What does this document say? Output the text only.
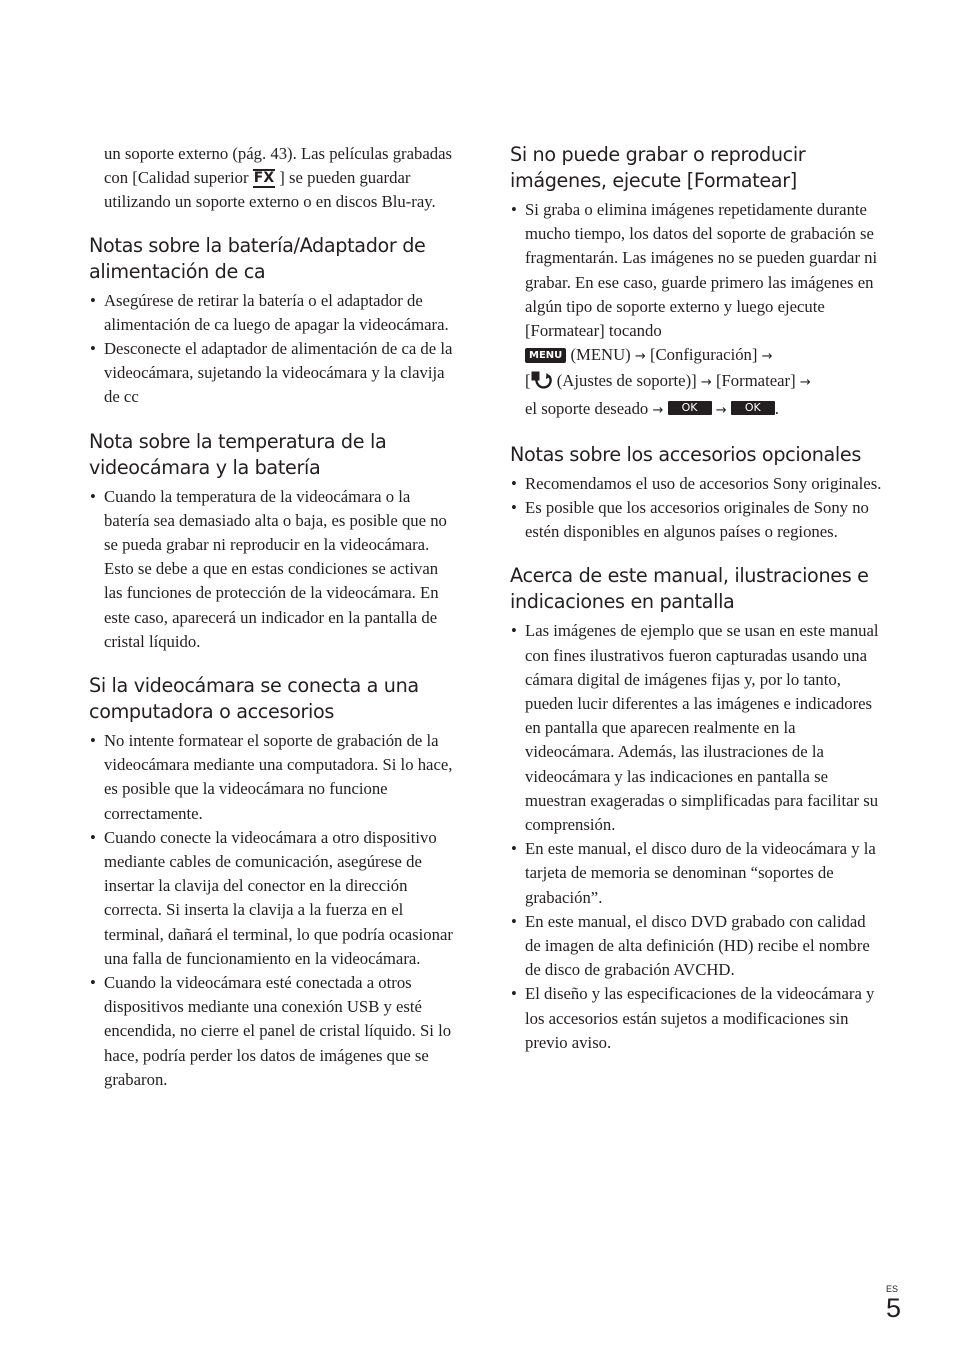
un soporte externo (pág. 43). Las películas grabadas con [Calidad superior FX ] se pueden guardar utilizando un soporte externo o en discos Blu-ray.

Notas sobre la batería/Adaptador de alimentación de ca
• Asegúrese de retirar la batería o el adaptador de alimentación de ca luego de apagar la videocámara.
• Desconecte el adaptador de alimentación de ca de la videocámara, sujetando la videocámara y la clavija de cc
Nota sobre la temperatura de la videocámara y la batería
• Cuando la temperatura de la videocámara o la batería sea demasiado alta o baja, es posible que no se pueda grabar ni reproducir en la videocámara. Esto se debe a que en estas condiciones se activan las funciones de protección de la videocámara. En este caso, aparecerá un indicador en la pantalla de cristal líquido.
Si la videocámara se conecta a una computadora o accesorios
• No intente formatear el soporte de grabación de la videocámara mediante una computadora. Si lo hace, es posible que la videocámara no funcione correctamente.
• Cuando conecte la videocámara a otro dispositivo mediante cables de comunicación, asegúrese de insertar la clavija del conector en la dirección correcta. Si inserta la clavija a la fuerza en el terminal, dañará el terminal, lo que podría ocasionar una falla de funcionamiento en la videocámara.
• Cuando la videocámara esté conectada a otros dispositivos mediante una conexión USB y esté encendida, no cierre el panel de cristal líquido. Si lo hace, podría perder los datos de imágenes que se grabaron.
Si no puede grabar o reproducir imágenes, ejecute [Formatear]
• Si graba o elimina imágenes repetidamente durante mucho tiempo, los datos del soporte de grabación se fragmentarán. Las imágenes no se pueden guardar ni grabar. En ese caso, guarde primero las imágenes en algún tipo de soporte externo y luego ejecute [Formatear] tocando
MENU (MENU) → [Configuración] →
[ (Ajustes de soporte)] → [Formatear] →
el soporte deseado → OK → OK .
Notas sobre los accesorios opcionales
• Recomendamos el uso de accesorios Sony originales.
• Es posible que los accesorios originales de Sony no estén disponibles en algunos países o regiones.
Acerca de este manual, ilustraciones e indicaciones en pantalla
• Las imágenes de ejemplo que se usan en este manual con fines ilustrativos fueron capturadas usando una cámara digital de imágenes fijas y, por lo tanto, pueden lucir diferentes a las imágenes e indicadores en pantalla que aparecen realmente en la videocámara. Además, las ilustraciones de la videocámara y las indicaciones en pantalla se muestran exageradas o simplificadas para facilitar su comprensión.
• En este manual, el disco duro de la videocámara y la tarjeta de memoria se denominan “soportes de grabación”.
• En este manual, el disco DVD grabado con calidad de imagen de alta definición (HD) recibe el nombre de disco de grabación AVCHD.
• El diseño y las especificaciones de la videocámara y los accesorios están sujetos a modificaciones sin previo aviso.
ES
5
